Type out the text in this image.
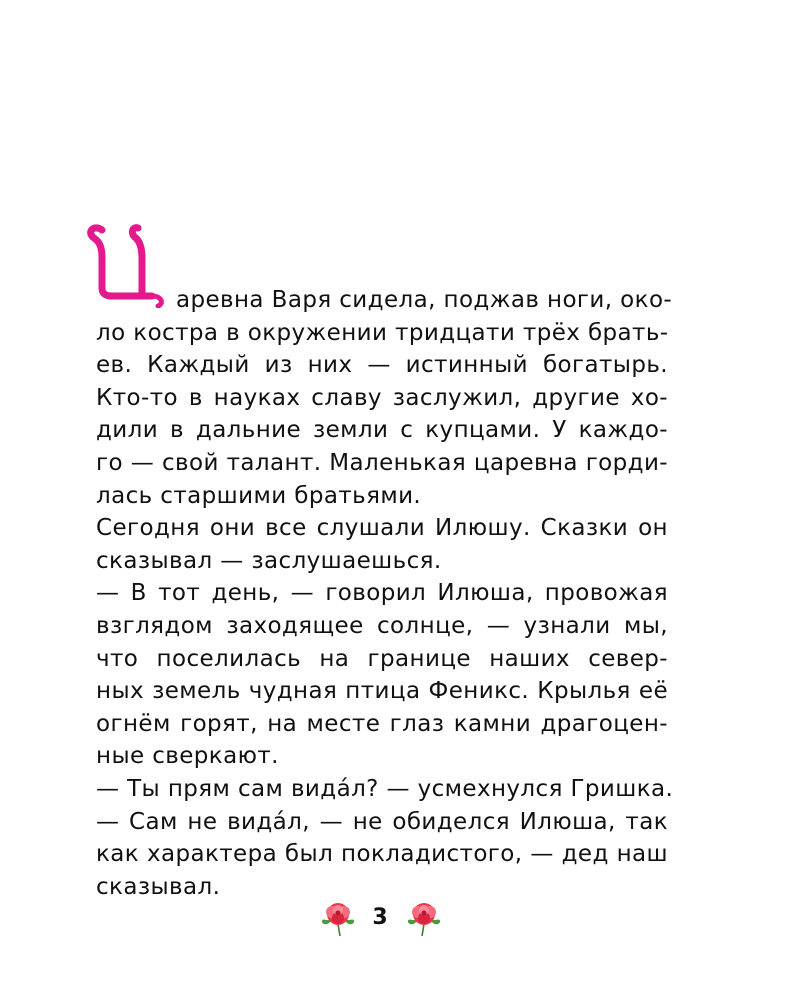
аревна Варя сидела, поджав ноги, око-
ло костра в окружении тридцати трёх брать-
ев. Каждый из них — истинный богатырь.
Кто-то в науках славу заслужил, другие хо-
дили в дальние земли с купцами. У каждо-
го — свой талант. Маленькая царевна горди-
лась старшими братьями.
Сегодня они все слушали Илюшу. Сказки он
сказывал — заслушаешься.
— В тот день, — говорил Илюша, провожая
взглядом заходящее солнце, — узнали мы,
что поселилась на границе наших север-
ных земель чудная птица Феникс. Крылья её
огнём горят, на месте глаз камни драгоцен-
ные сверкают.
— Ты прям сам вида́л? — усмехнулся Гришка.
— Сам не вида́л, — не обиделся Илюша, так
как характера был покладистого, — дед наш
сказывал.
3
